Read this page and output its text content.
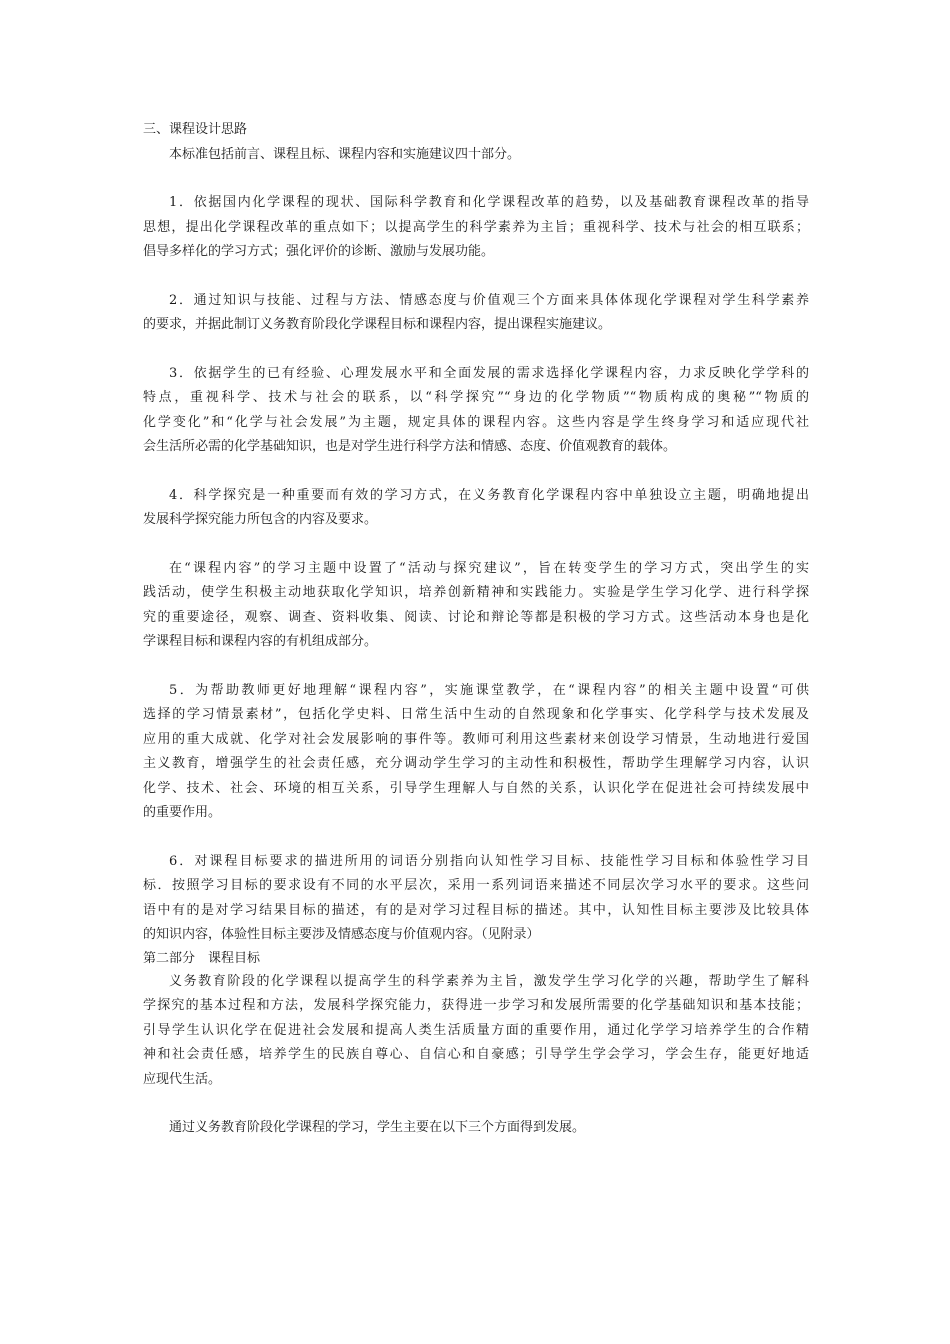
三、课程设计思路
本标准包括前言、课程且标、课程内容和实施建议四十部分。
1．依据国内化学课程的现状、国际科学教育和化学课程改革的趋势，以及基础教育课程改革的指导
思想，提出化学课程改革的重点如下；以提高学生的科学素养为主旨；重视科学、技术与社会的相互联系；
倡导多样化的学习方式；强化评价的诊断、激励与发展功能。
2．通过知识与技能、过程与方法、情感态度与价值观三个方面来具体体现化学课程对学生科学素养
的要求，并据此制订义务教育阶段化学课程目标和课程内容，提出课程实施建议。
3．依据学生的已有经验、心理发展水平和全面发展的需求选择化学课程内容，力求反映化学学科的
特点，重视科学、技术与社会的联系，以“科学探究”“身边的化学物质”“物质构成的奥秘”“物质的
化学变化”和“化学与社会发展”为主题，规定具体的课程内容。这些内容是学生终身学习和适应现代社
会生活所必需的化学基础知识，也是对学生进行科学方法和情感、态度、价值观教育的载体。
4．科学探究是一种重要而有效的学习方式，在义务教育化学课程内容中单独设立主题，明确地提出
发展科学探究能力所包含的内容及要求。
在“课程内容”的学习主题中设置了“活动与探究建议”，旨在转变学生的学习方式，突出学生的实
践活动，使学生积极主动地获取化学知识，培养创新精神和实践能力。实验是学生学习化学、进行科学探
究的重要途径，观察、调查、资料收集、阅读、讨论和辩论等都是积极的学习方式。这些活动本身也是化
学课程目标和课程内容的有机组成部分。
5．为帮助教师更好地理解“课程内容”，实施课堂教学，在“课程内容”的相关主题中设置“可供
选择的学习情景素材”，包括化学史料、日常生活中生动的自然现象和化学事实、化学科学与技术发展及
应用的重大成就、化学对社会发展影响的事件等。教师可利用这些素材来创设学习情景，生动地进行爱国
主义教育，增强学生的社会责任感，充分调动学生学习的主动性和积极性，帮助学生理解学习内容，认识
化学、技术、社会、环境的相互关系，引导学生理解人与自然的关系，认识化学在促进社会可持续发展中
的重要作用。
6．对课程目标要求的描进所用的词语分别指向认知性学习目标、技能性学习目标和体验性学习目
标．按照学习目标的要求设有不同的水平层次，采用一系列词语来描述不同层次学习水平的要求。这些问
语中有的是对学习结果目标的描述，有的是对学习过程目标的描述。其中，认知性目标主要涉及比较具体
的知识内容，体验性目标主要涉及情感态度与价值观内容。（见附录）
第二部分　课程目标
义务教育阶段的化学课程以提高学生的科学素养为主旨，激发学生学习化学的兴趣，帮助学生了解科
学探究的基本过程和方法，发展科学探究能力，获得进一步学习和发展所需要的化学基础知识和基本技能；
引导学生认识化学在促进社会发展和提高人类生活质量方面的重要作用，通过化学学习培养学生的合作精
神和社会责任感，培养学生的民族自尊心、自信心和自豪感；引导学生学会学习，学会生存，能更好地适
应现代生活。
通过义务教育阶段化学课程的学习，学生主要在以下三个方面得到发展。
